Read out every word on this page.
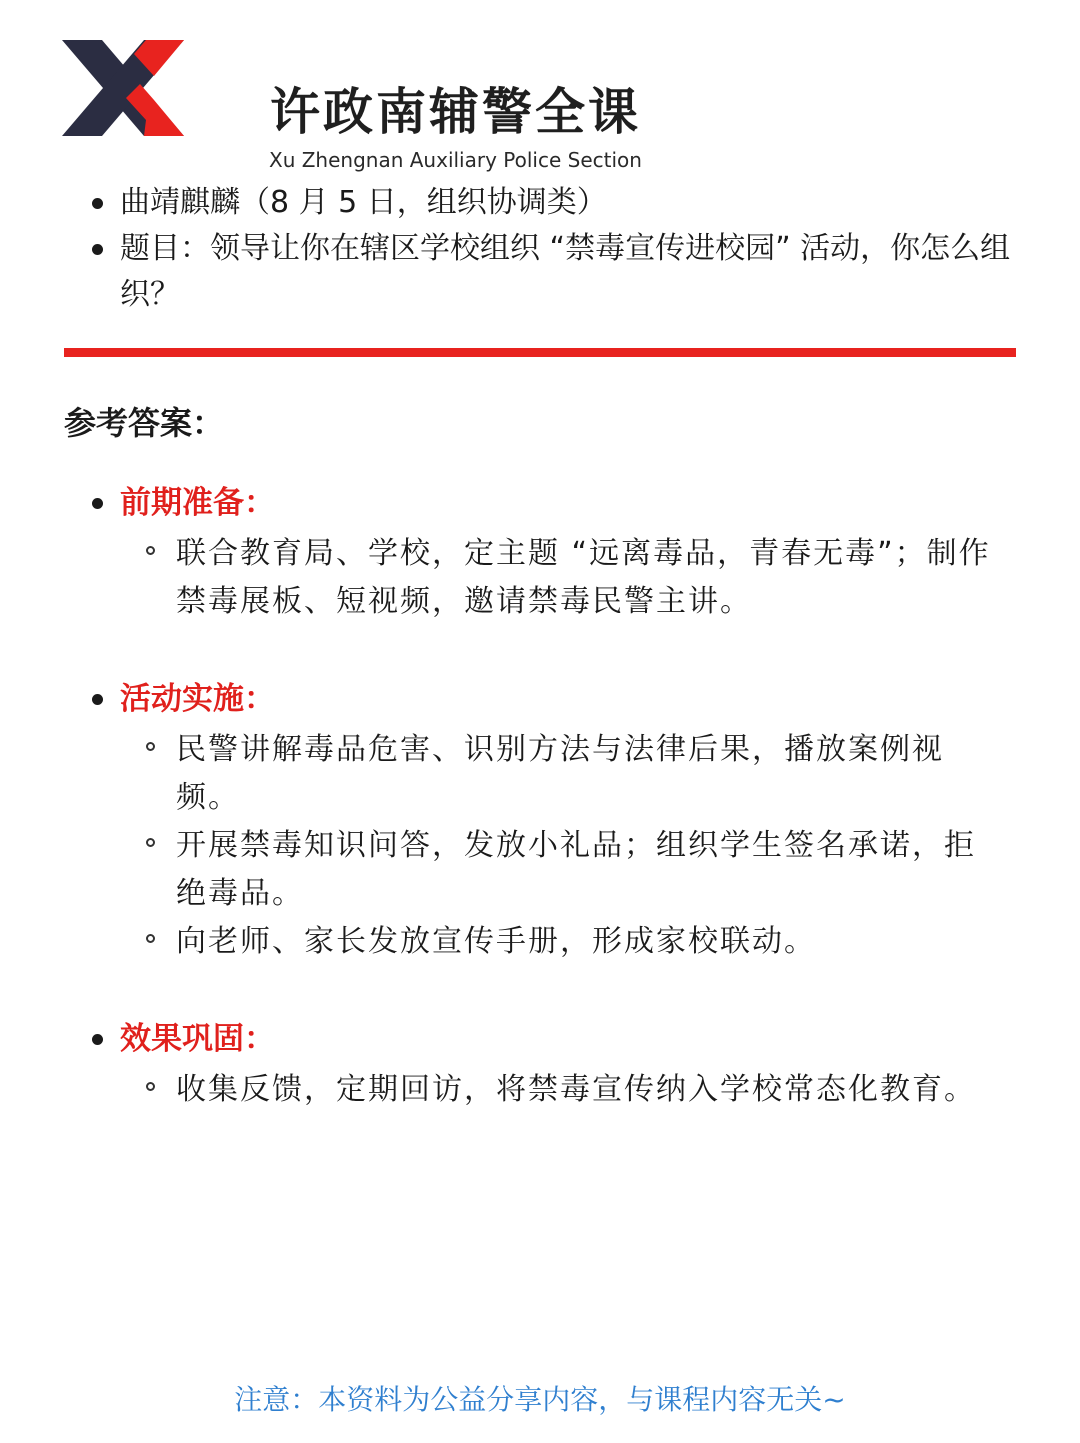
许政南辅警全课
Xu Zhengnan Auxiliary Police Section
曲靖麒麟（8 月 5 日，组织协调类）
题目：领导让你在辖区学校组织 “禁毒宣传进校园” 活动，你怎么组织？
参考答案：
前期准备：
联合教育局、学校，定主题 “远离毒品，青春无毒”；制作禁毒展板、短视频，邀请禁毒民警主讲。
活动实施：
民警讲解毒品危害、识别方法与法律后果，播放案例视频。
开展禁毒知识问答，发放小礼品；组织学生签名承诺，拒绝毒品。
向老师、家长发放宣传手册，形成家校联动。
效果巩固：
收集反馈，定期回访，将禁毒宣传纳入学校常态化教育。
注意：本资料为公益分享内容，与课程内容无关~
